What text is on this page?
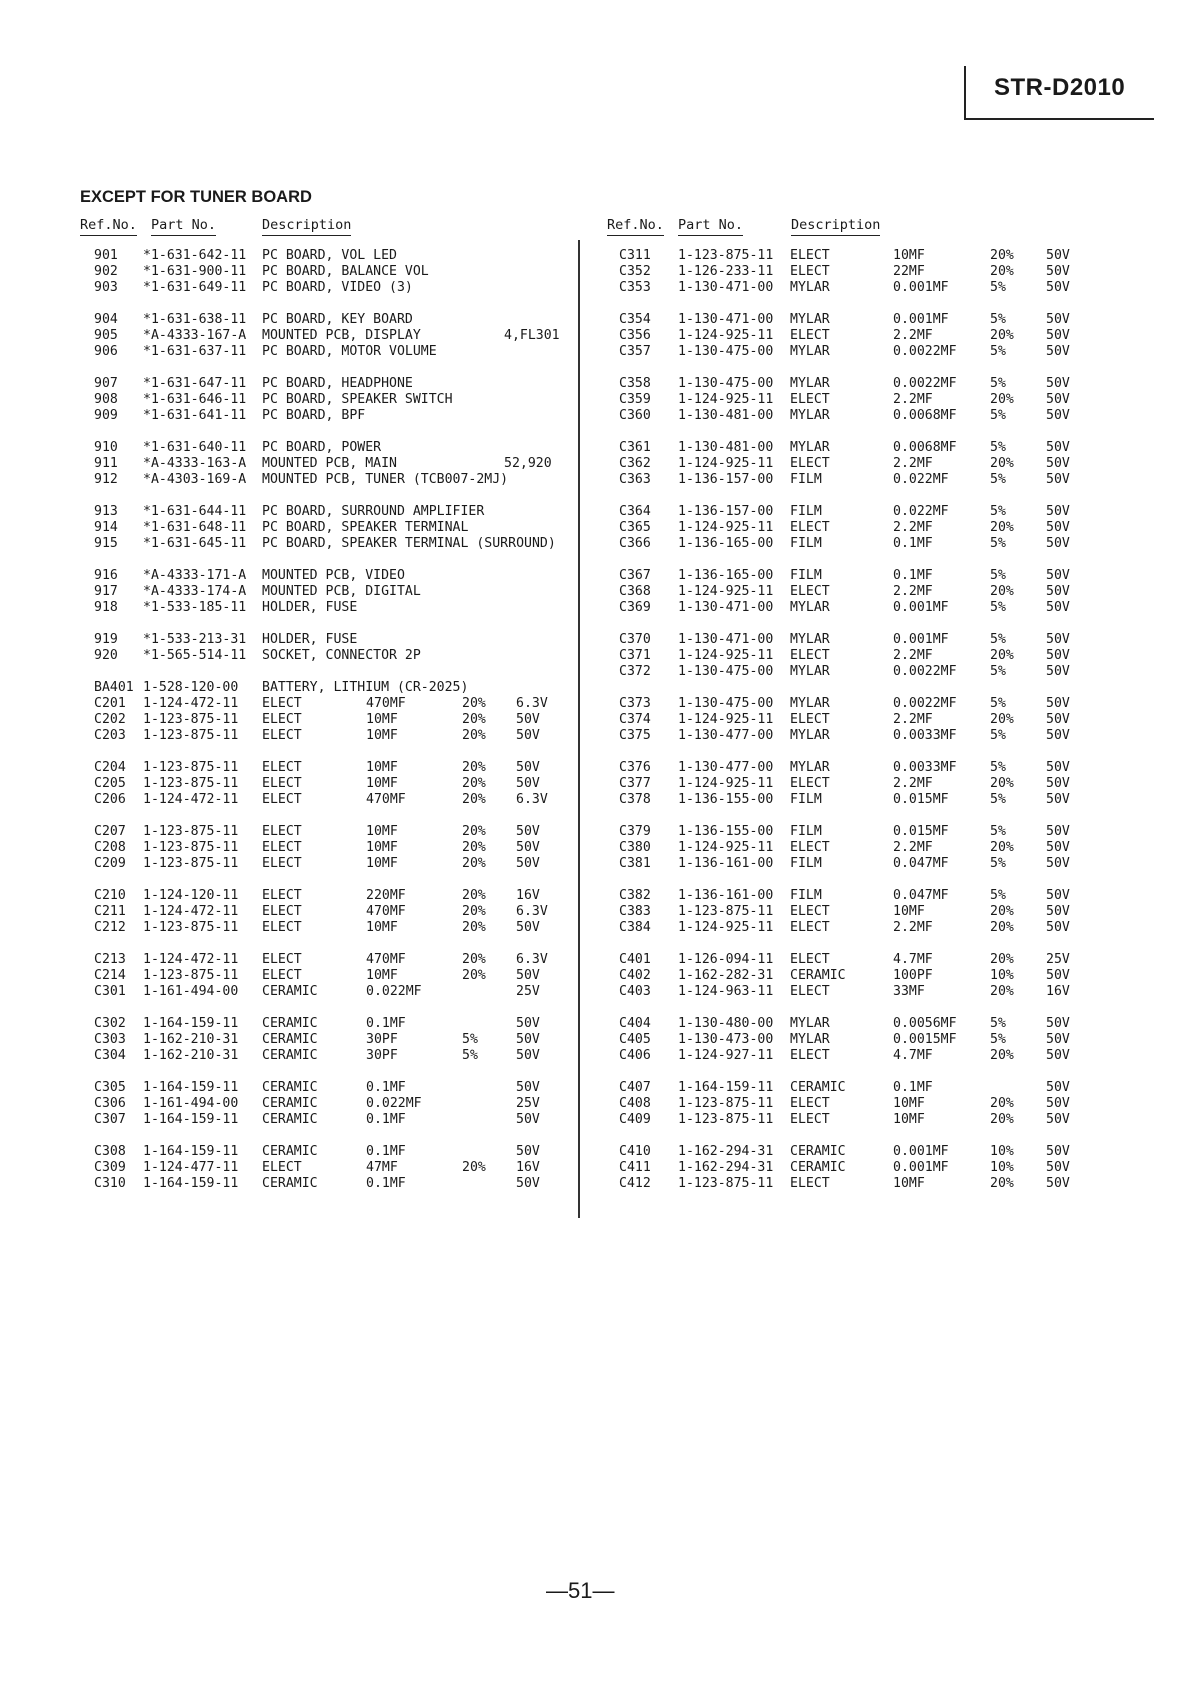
STR-D2010
EXCEPT FOR TUNER BOARD
Ref.No. Part No.	Description	Ref.No. Part No.	Description
901 *1-631-642-11 PC BOARD, VOL LED
902 *1-631-900-11 PC BOARD, BALANCE VOL
903 *1-631-649-11 PC BOARD, VIDEO (3)
904 *1-631-638-11 PC BOARD, KEY BOARD
905 *A-4333-167-A MOUNTED PCB, DISPLAY	4,FL301
906 *1-631-637-11 PC BOARD, MOTOR VOLUME
907 *1-631-647-11 PC BOARD, HEADPHONE
908 *1-631-646-11 PC BOARD, SPEAKER SWITCH
909 *1-631-641-11 PC BOARD, BPF
910 *1-631-640-11 PC BOARD, POWER
911 *A-4333-163-A MOUNTED PCB, MAIN	52,920
912 *A-4303-169-A MOUNTED PCB, TUNER (TCB007-2MJ)
913 *1-631-644-11 PC BOARD, SURROUND AMPLIFIER
914 *1-631-648-11 PC BOARD, SPEAKER TERMINAL
915 *1-631-645-11 PC BOARD, SPEAKER TERMINAL (SURROUND)
916 *A-4333-171-A MOUNTED PCB, VIDEO
917 *A-4333-174-A MOUNTED PCB, DIGITAL
918 *1-533-185-11 HOLDER, FUSE
919 *1-533-213-31 HOLDER, FUSE
920 *1-565-514-11 SOCKET, CONNECTOR 2P
BA401 1-528-120-00 BATTERY, LITHIUM (CR-2025)
C201 1-124-472-11 ELECT	470MF	20% 6.3V
C202 1-123-875-11 ELECT	10MF	20% 50V
C203 1-123-875-11 ELECT	10MF	20% 50V
C204 1-123-875-11 ELECT	10MF	20% 50V
C205 1-123-875-11 ELECT	10MF	20% 50V
C206 1-124-472-11 ELECT	470MF	20% 6.3V
C207 1-123-875-11 ELECT	10MF	20% 50V
C208 1-123-875-11 ELECT	10MF	20% 50V
C209 1-123-875-11 ELECT	10MF	20% 50V
C210 1-124-120-11 ELECT	220MF	20% 16V
C211 1-124-472-11 ELECT	470MF	20% 6.3V
C212 1-123-875-11 ELECT	10MF	20% 50V
C213 1-124-472-11 ELECT	470MF	20% 6.3V
C214 1-123-875-11 ELECT	10MF	20% 50V
C301 1-161-494-00 CERAMIC	0.022MF	25V
C302 1-164-159-11 CERAMIC	0.1MF	50V
C303 1-162-210-31 CERAMIC	30PF	5%	50V
C304 1-162-210-31 CERAMIC	30PF	5%	50V
C305 1-164-159-11 CERAMIC	0.1MF	50V
C306 1-161-494-00 CERAMIC	0.022MF	25V
C307 1-164-159-11 CERAMIC	0.1MF	50V
C308 1-164-159-11 CERAMIC	0.1MF	50V
C309 1-124-477-11 ELECT	47MF	20% 16V
C310 1-164-159-11 CERAMIC	0.1MF	50V
C311 1-123-875-11 ELECT	10MF	20% 50V
C352 1-126-233-11 ELECT	22MF	20% 50V
C353 1-130-471-00 MYLAR	0.001MF	5%	50V
C354 1-130-471-00 MYLAR	0.001MF	5%	50V
C356 1-124-925-11 ELECT	2.2MF	20% 50V
C357 1-130-475-00 MYLAR	0.0022MF	5%	50V
C358 1-130-475-00 MYLAR	0.0022MF	5%	50V
C359 1-124-925-11 ELECT	2.2MF	20% 50V
C360 1-130-481-00 MYLAR	0.0068MF	5%	50V
C361 1-130-481-00 MYLAR	0.0068MF	5%	50V
C362 1-124-925-11 ELECT	2.2MF	20% 50V
C363 1-136-157-00 FILM	0.022MF	5%	50V
C364 1-136-157-00 FILM	0.022MF	5%	50V
C365 1-124-925-11 ELECT	2.2MF	20% 50V
C366 1-136-165-00 FILM	0.1MF	5%	50V
C367 1-136-165-00 FILM	0.1MF	5%	50V
C368 1-124-925-11 ELECT	2.2MF	20% 50V
C369 1-130-471-00 MYLAR	0.001MF	5%	50V
C370 1-130-471-00 MYLAR	0.001MF	5%	50V
C371 1-124-925-11 ELECT	2.2MF	20% 50V
C372 1-130-475-00 MYLAR	0.0022MF	5%	50V
C373 1-130-475-00 MYLAR	0.0022MF	5%	50V
C374 1-124-925-11 ELECT	2.2MF	20% 50V
C375 1-130-477-00 MYLAR	0.0033MF	5%	50V
C376 1-130-477-00 MYLAR	0.0033MF	5%	50V
C377 1-124-925-11 ELECT	2.2MF	20% 50V
C378 1-136-155-00 FILM	0.015MF	5%	50V
C379 1-136-155-00 FILM	0.015MF	5%	50V
C380 1-124-925-11 ELECT	2.2MF	20% 50V
C381 1-136-161-00 FILM	0.047MF	5%	50V
C382 1-136-161-00 FILM	0.047MF	5%	50V
C383 1-123-875-11 ELECT	10MF	20% 50V
C384 1-124-925-11 ELECT	2.2MF	20% 50V
C401 1-126-094-11 ELECT	4.7MF	20% 25V
C402 1-162-282-31 CERAMIC	100PF	10% 50V
C403 1-124-963-11 ELECT	33MF	20% 16V
C404 1-130-480-00 MYLAR	0.0056MF	5%	50V
C405 1-130-473-00 MYLAR	0.0015MF	5%	50V
C406 1-124-927-11 ELECT	4.7MF	20% 50V
C407 1-164-159-11 CERAMIC	0.1MF	50V
C408 1-123-875-11 ELECT	10MF	20% 50V
C409 1-123-875-11 ELECT	10MF	20% 50V
C410 1-162-294-31 CERAMIC	0.001MF	10% 50V
C411 1-162-294-31 CERAMIC	0.001MF	10% 50V
C412 1-123-875-11 ELECT	10MF	20% 50V
—51—
